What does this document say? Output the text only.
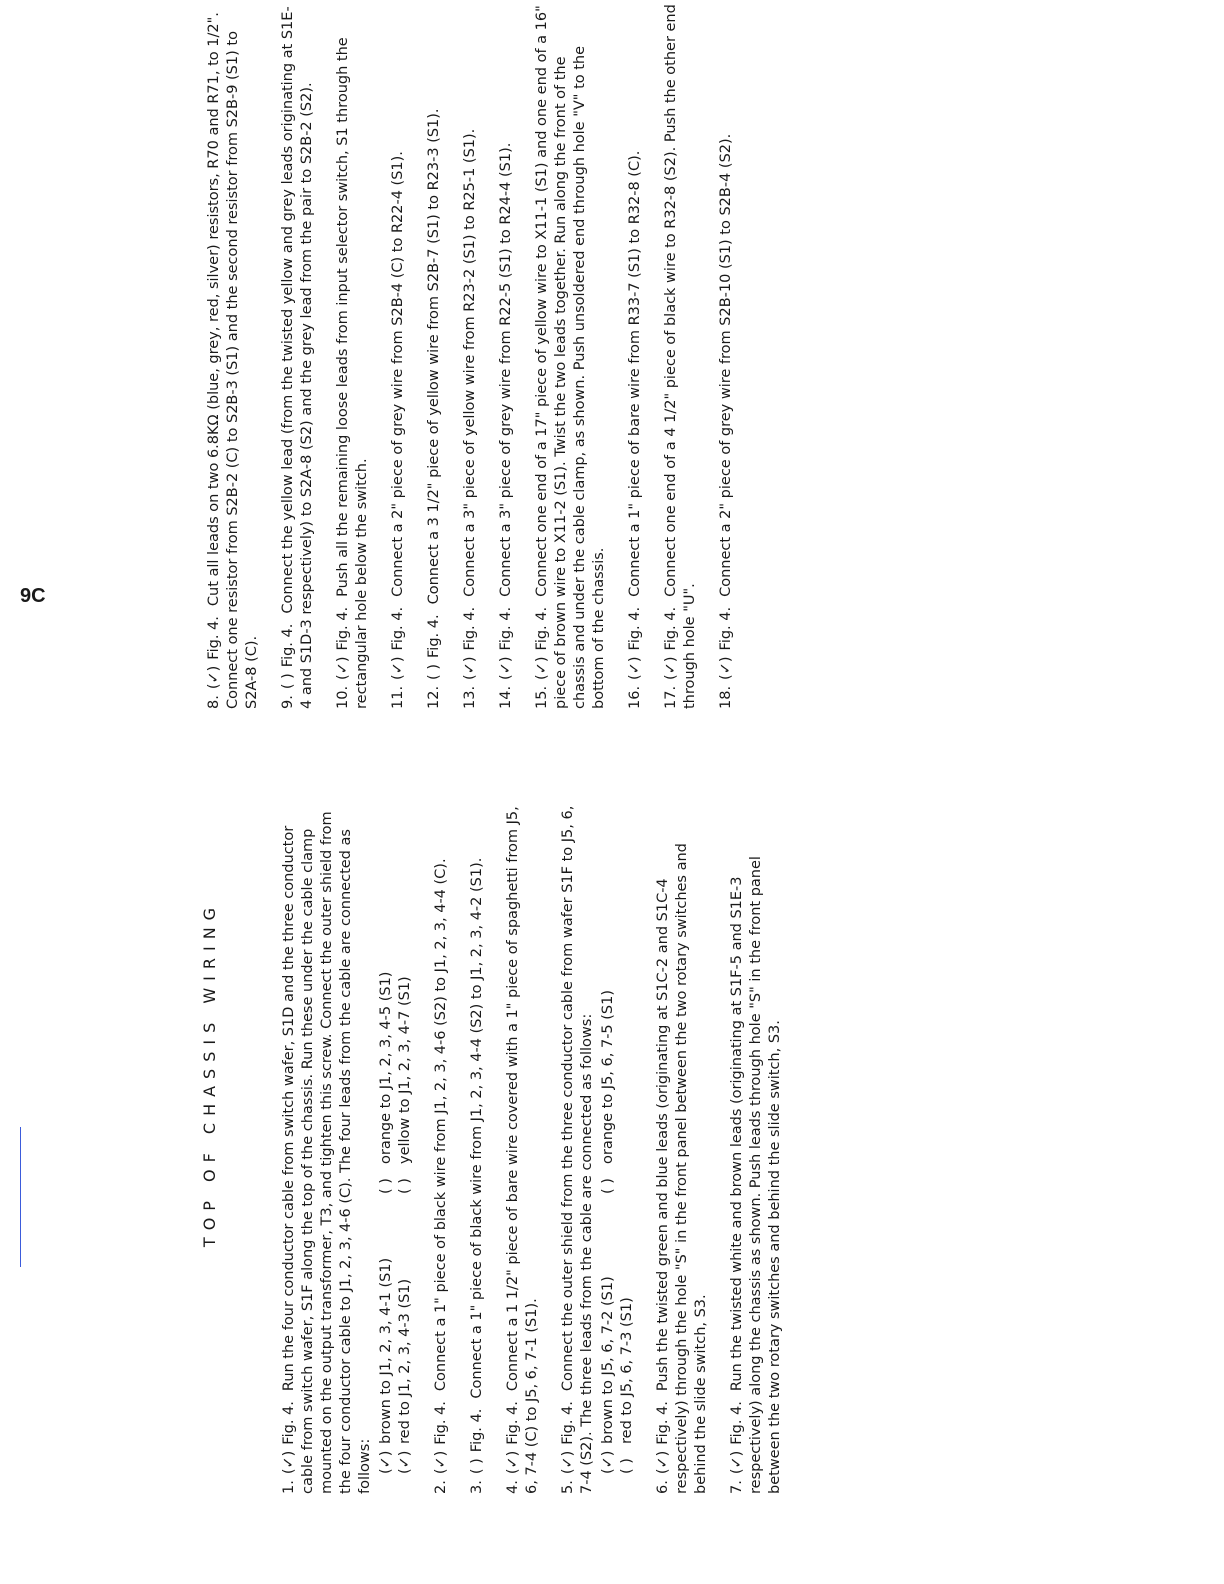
TOP OF CHASSIS WIRING
1.(✓)Fig. 4.Run the four conductor cable from switch wafer, S1D and the three conductor cable from switch wafer, S1F along the top of the chassis. Run these under the cable clamp mounted on the output transformer, T3, and tighten this screw. Connect the outer shield from the four conductor cable to J1, 2, 3, 4-6 (C). The four leads from the cable are connected as follows: (✓)
brown to J1, 2, 3, 4-1 (S1)
( )
orange to J1, 2, 3, 4-5 (S1)
(✓)
red to J1, 2, 3, 4-3 (S1)
( )
yellow to J1, 2, 3, 4-7 (S1)
2.(✓)Fig. 4.Connect a 1" piece of black wire from J1, 2, 3, 4-6 (S2) to J1, 2, 3, 4-4 (C).
3.( )Fig. 4.Connect a 1" piece of black wire from J1, 2, 3, 4-4 (S2) to J1, 2, 3, 4-2 (S1).
4.(✓)Fig. 4.Connect a 1 1/2" piece of bare wire covered with a 1" piece of spaghetti from J5, 6, 7-4 (C) to J5, 6, 7-1 (S1). 5.(✓)Fig. 4.Connect the outer shield from the three conductor cable from wafer S1F to J5, 6, 7-4 (S2). The three leads from the cable are connected as follows: (✓)
brown to J5, 6, 7-2 (S1)
( )
orange to J5, 6, 7-5 (S1)
( )
red to J5, 6, 7-3 (S1)
6.(✓)Fig. 4.Push the twisted green and blue leads (originating at S1C-2 and S1C-4 respectively) through the hole "S" in the front panel between the two rotary switches and behind the slide switch, S3. 7.(✓)Fig. 4.Run the twisted white and brown leads (originating at S1F-5 and S1E-3 respectively) along the chassis as shown. Push leads through hole "S" in the front panel between the two rotary switches and behind the slide switch, S3.
8.(✓)Fig. 4.Cut all leads on two 6.8KΩ (blue, grey, red, silver) resistors, R70 and R71, to 1/2". Connect one resistor from S2B-2 (C) to S2B-3 (S1) and the second resistor from S2B-9 (S1) to S2A-8 (C). 9.( )Fig. 4.Connect the yellow lead (from the twisted yellow and grey leads originating at S1E-4 and S1D-3 respectively) to S2A-8 (S2) and the grey lead from the pair to S2B-2 (S2). 10.(✓)Fig. 4.Push all the remaining loose leads from input selector switch, S1 through the rectangular hole below the switch. 11.(✓)Fig. 4.Connect a 2" piece of grey wire from S2B-4 (C) to R22-4 (S1).
12.( )Fig. 4.Connect a 3 1/2" piece of yellow wire from S2B-7 (S1) to R23-3 (S1).
13.(✓)Fig. 4.Connect a 3" piece of yellow wire from R23-2 (S1) to R25-1 (S1).
14.(✓)Fig. 4.Connect a 3" piece of grey wire from R22-5 (S1) to R24-4 (S1).
15.(✓)Fig. 4.Connect one end of a 17" piece of yellow wire to X11-1 (S1) and one end of a 16" piece of brown wire to X11-2 (S1). Twist the two leads together. Run along the front of the chassis and under the cable clamp, as shown. Push unsoldered end through hole "V" to the bottom of the chassis. 16.(✓)Fig. 4.Connect a 1" piece of bare wire from R33-7 (S1) to R32-8 (C).
17.(✓)Fig. 4.Connect one end of a 4 1/2" piece of black wire to R32-8 (S2). Push the other end through hole "U". 18.(✓)Fig. 4.Connect a 2" piece of grey wire from S2B-10 (S1) to S2B-4 (S2).
9C
